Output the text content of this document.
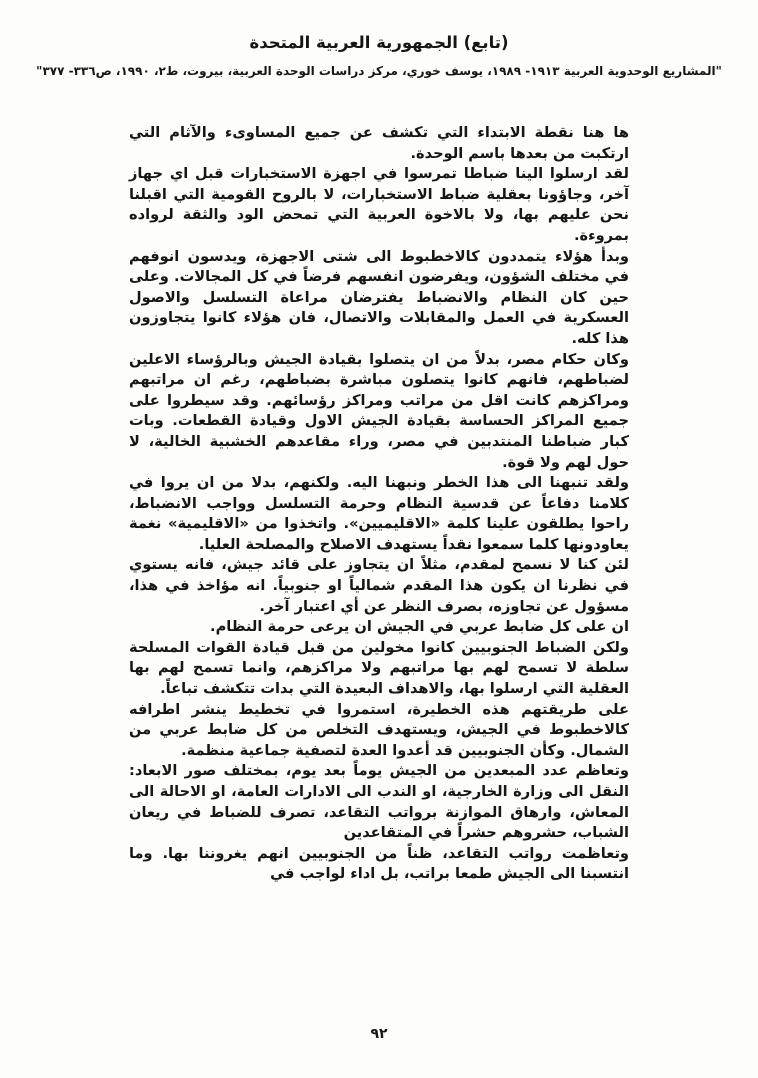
(تابع) الجمهورية العربية المتحدة
"المشاريع الوحدوية العربية ١٩١٣- ١٩٨٩، يوسف خوري، مركز دراسات الوحدة العربية، بيروت، ط٢، ١٩٩٠، ص٣٣٦- ٣٧٧"

ها هنا نقطة الابتداء التي تكشف عن جميع المساوىء والآثام التي ارتكبت من بعدها باسم الوحدة.

لقد ارسلوا الينا ضباطا تمرسوا في اجهزة الاستخبارات قبل اي جهاز آخر، وجاؤونا بعقلية ضباط الاستخبارات، لا بالروح القومية التي اقبلنا نحن عليهم بها، ولا بالاخوة العربية التي تمحض الود والثقة لرواده بمروءة.

وبدأ هؤلاء يتمددون كالاخطبوط الى شتى الاجهزة، ويدسون انوفهم في مختلف الشؤون، ويفرضون انفسهم فرضاً في كل المجالات. وعلى حين كان النظام والانضباط يفترضان مراعاة التسلسل والاصول العسكرية في العمل والمقابلات والاتصال، فان هؤلاء كانوا يتجاوزون هذا كله.

وكان حكام مصر، بدلاً من ان يتصلوا بقيادة الجيش وبالرؤساء الاعلين لضباطهم، فانهم كانوا يتصلون مباشرة بضباطهم، رغم ان مراتبهم ومراكزهم كانت اقل من مراتب ومراكز رؤسائهم. وقد سيطروا على جميع المراكز الحساسة بقيادة الجيش الاول وقيادة القطعات. وبات كبار ضباطنا المنتدبين في مصر، وراء مقاعدهم الخشبية الخالية، لا حول لهم ولا قوة.

ولقد تنبهنا الى هذا الخطر ونبهنا اليه. ولكنهم، بدلا من ان يروا في كلامنا دفاعاً عن قدسية النظام وحرمة التسلسل وواجب الانضباط، راحوا يطلقون علينا كلمة «الاقليميين». واتخذوا من «الاقليمية» نغمة يعاودونها كلما سمعوا نقداً يستهدف الاصلاح والمصلحة العليا.

لئن كنا لا نسمح لمقدم، مثلاً ان يتجاوز على قائد جيش، فانه يستوي في نظرنا ان يكون هذا المقدم شمالياً او جنوبياً. انه مؤاخذ في هذا، مسؤول عن تجاوزه، بصرف النظر عن أي اعتبار آخر.

ان على كل ضابط عربي في الجيش ان يرعى حرمة النظام.

ولكن الضباط الجنوبيين كانوا مخولين من قبل قيادة القوات المسلحة سلطة لا تسمح لهم بها مراتبهم ولا مراكزهم، وانما تسمح لهم بها العقلية التي ارسلوا بها، والاهداف البعيدة التي بدات تتكشف تباعاً.

على طريقتهم هذه الخطيرة، استمروا في تخطيط ينشر اطرافه كالاخطبوط في الجيش، ويستهدف التخلص من كل ضابط عربي من الشمال. وكأن الجنوبيين قد أعدوا العدة لتصفية جماعية منظمة.

وتعاظم عدد المبعدين من الجيش يوماً بعد يوم، بمختلف صور الابعاد: النقل الى وزارة الخارجية، او الندب الى الادارات العامة، او الاحالة الى المعاش، وارهاق الموازنة برواتب التقاعد، تصرف للضباط في ريعان الشباب، حشروهم حشراً في المتقاعدين

وتعاظمت رواتب التقاعد، ظناً من الجنوبيين انهم يغروننا بها. وما انتسبنا الى الجيش طمعا براتب، بل اداء لواجب في

٩٢
